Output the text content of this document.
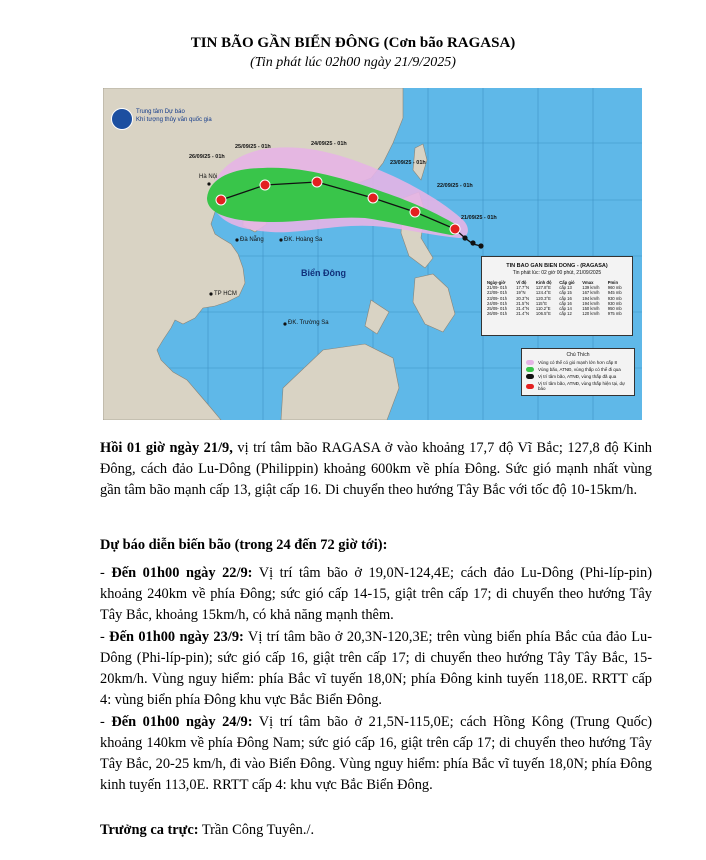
TIN BÃO GẦN BIỂN ĐÔNG (Cơn bão RAGASA)
(Tin phát lúc 02h00 ngày 21/9/2025)
Trung tâm Dự báo
Khí tượng thủy văn quốc gia
Hà Nội
Đà Nẵng	ĐK. Hoàng Sa
TP HCM
ĐK. Trường Sa
Biển Đông
26/09/25 - 01h
25/09/25 - 01h	24/09/25 - 01h
23/09/25 - 01h
22/09/25 - 01h
21/09/25 - 01h
TIN BAO GAN BIEN DONG - (RAGASA)
Tin phát lúc: 02 giờ 00 phút, 21/09/2025
Ngày-giờ	Vĩ độ	Kinh độ	Cấp gió	Vmax	Pmin
21/09- 01h	17.7°N	127.8°E	cấp 13	139 km/h	960 mb
22/09- 01h	19°N	124.4°E	cấp 15	167 km/h	945 mb
23/09- 01h	20.3°N	120.3°E	cấp 16	194 km/h	930 mb
24/09- 01h	21.5°N	115°E	cấp 16	194 km/h	930 mb
25/09- 01h	21.4°N	110.2°E	cấp 14	150 km/h	950 mb
26/09- 01h	21.4°N	106.5°E	cấp 12	120 km/h	975 mb
Chú Thích
Vùng có thể có gió mạnh lớn hơn cấp 8
Vùng bão, ATNĐ, vùng thấp có thể đi qua
Vị trí tâm bão, ATNĐ, vùng thấp đã qua
Vị trí tâm bão, ATNĐ, vùng thấp hiện tại, dự báo
Hồi 01 giờ ngày 21/9, vị trí tâm bão RAGASA ở vào khoảng 17,7 độ Vĩ Bắc; 127,8 độ Kinh Đông, cách đảo Lu-Dông (Philippin) khoảng 600km về phía Đông. Sức gió mạnh nhất vùng gần tâm bão mạnh cấp 13, giật cấp 16. Di chuyển theo hướng Tây Bắc với tốc độ 10-15km/h.
Dự báo diễn biến bão (trong 24 đến 72 giờ tới):
- Đến 01h00 ngày 22/9: Vị trí tâm bão ở 19,0N-124,4E; cách đảo Lu-Dông (Phi-líp-pin) khoảng 240km về phía Đông; sức gió cấp 14-15, giật trên cấp 17; di chuyển theo hướng Tây Tây Bắc, khoảng 15km/h, có khả năng mạnh thêm.
- Đến 01h00 ngày 23/9: Vị trí tâm bão ở 20,3N-120,3E; trên vùng biển phía Bắc của đảo Lu-Dông (Phi-líp-pin); sức gió cấp 16, giật trên cấp 17; di chuyển theo hướng Tây Tây Bắc, 15-20km/h. Vùng nguy hiểm: phía Bắc vĩ tuyến 18,0N; phía Đông kinh tuyến 118,0E. RRTT cấp 4: vùng biển phía Đông khu vực Bắc Biển Đông.
- Đến 01h00 ngày 24/9: Vị trí tâm bão ở 21,5N-115,0E; cách Hồng Kông (Trung Quốc) khoảng 140km về phía Đông Nam; sức gió cấp 16, giật trên cấp 17; di chuyển theo hướng Tây Tây Bắc, 20-25 km/h, đi vào Biển Đông. Vùng nguy hiểm: phía Bắc vĩ tuyến 18,0N; phía Đông kinh tuyến 113,0E. RRTT cấp 4: khu vực Bắc Biển Đông.
Trưởng ca trực: Trần Công Tuyên./.
